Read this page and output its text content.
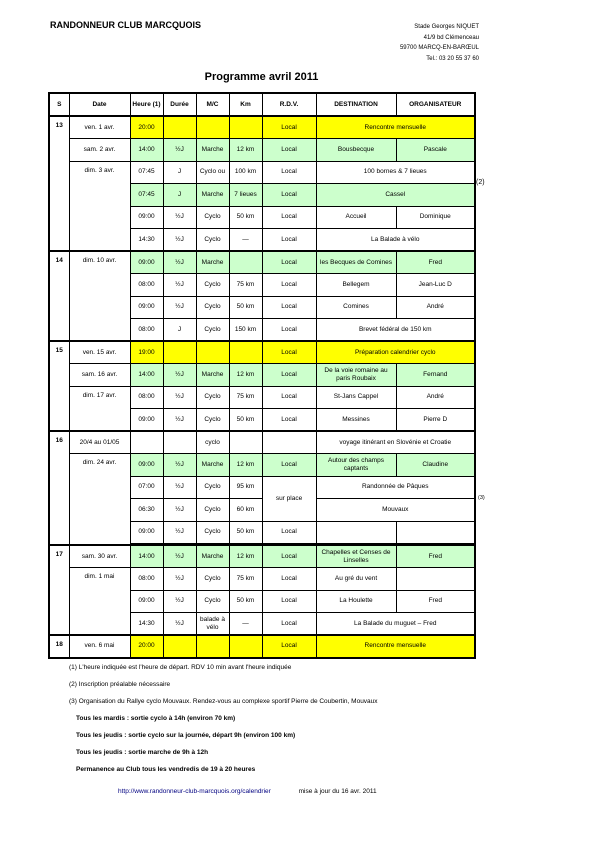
RANDONNEUR CLUB MARCQUOIS	Stade Georges NIQUET
41/9 bd Clémenceau
59700 MARCQ-EN-BARŒUL
Tel.: 03 20 55 37 60
Programme avril 2011
S	Date	Heure (1)	Durée	M/C	Km	R.D.V.	DESTINATION	ORGANISATEUR
13	ven. 1 avr.	20:00				Local	Rencontre mensuelle	
	sam. 2 avr.	14:00	½J	Marche	12 km	Local	Bousbecque	Pascale
	dim. 3 avr.	07:45	J	Cyclo ou	100 km	Local	100 bornes & 7 lieues	
		07:45	J	Marche	7 lieues	Local	Cassel	
		09:00	½J	Cyclo	50 km	Local	Accueil	Dominique
		14:30	½J	Cyclo	—	Local	La Balade à vélo	
14	dim. 10 avr.	09:00	½J	Marche		Local	les Becques de Comines	Fred
		08:00	½J	Cyclo	75 km	Local	Bellegem	Jean-Luc D
		09:00	½J	Cyclo	50 km	Local	Comines	André
		08:00	J	Cyclo	150 km	Local	Brevet fédéral de 150 km	
15	ven. 15 avr.	19:00				Local	Préparation calendrier cyclo	
	sam. 16 avr.	14:00	½J	Marche	12 km	Local	De la voie romaine au paris Roubaix	Fernand
	dim. 17 avr.	08:00	½J	Cyclo	75 km	Local	St-Jans Cappel	André
		09:00	½J	Cyclo	50 km	Local	Messines	Pierre D
16	20/4 au 01/05			cyclo			voyage itinérant en Slovénie et Croatie	
	dim. 24 avr.	09:00	½J	Marche	12 km	Local	Autour des champs captants	Claudine
		07:00	½J	Cyclo	95 km	sur place	Randonnée de Pâques	
		06:30	½J	Cyclo	60 km		Mouvaux	
		09:00	½J	Cyclo	50 km	Local		

17	sam. 30 avr.	14:00	½J	Marche	12 km	Local	Chapelles et Censes de Linselles	Fred
	dim. 1 mai	08:00	½J	Cyclo	75 km	Local	Au gré du vent	
		09:00	½J	Cyclo	50 km	Local	La Houlette	Fred
		14:30	½J	balade à vélo	—	Local	La Balade du muguet – Fred	
18	ven. 6 mai	20:00				Local	Rencontre mensuelle	
(2)
(3)
(1) L'heure indiquée est l'heure de départ. RDV 10 min avant l'heure indiquée
(2) Inscription préalable nécessaire
(3) Organisation du Rallye cyclo Mouvaux. Rendez-vous au complexe sportif Pierre de Coubertin, Mouvaux
Tous les mardis : sortie cyclo à 14h (environ 70 km)
Tous les jeudis : sortie cyclo sur la journée, départ 9h (environ 100 km)
Tous les jeudis : sortie marche de 9h à 12h
Permanence au Club tous les vendredis de 19 à 20 heures
http://www.randonneur-club-marcquois.org/calendrier	mise à jour du 16 avr. 2011
